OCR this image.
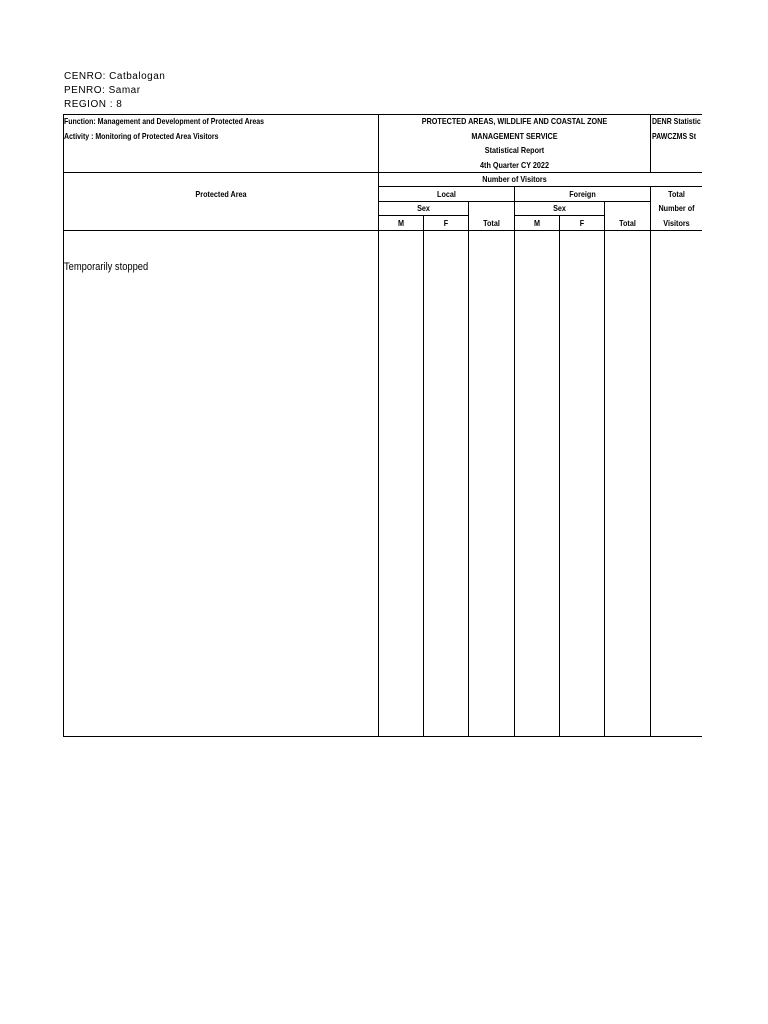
CENRO: Catbalogan
PENRO: Samar
REGION : 8
Function: Management and Development of Protected Areas
Activity : Monitoring of Protected Area Visitors
PROTECTED AREAS, WILDLIFE AND COASTAL ZONE
MANAGEMENT SERVICE
Statistical Report
4th Quarter CY 2022
DENR Statistic
PAWCZMS St
Protected Area
Number of Visitors
Local	Foreign	Total
Number of
Visitors
Sex	Sex
M	F	Total	M	F	Total
Temporarily stopped
